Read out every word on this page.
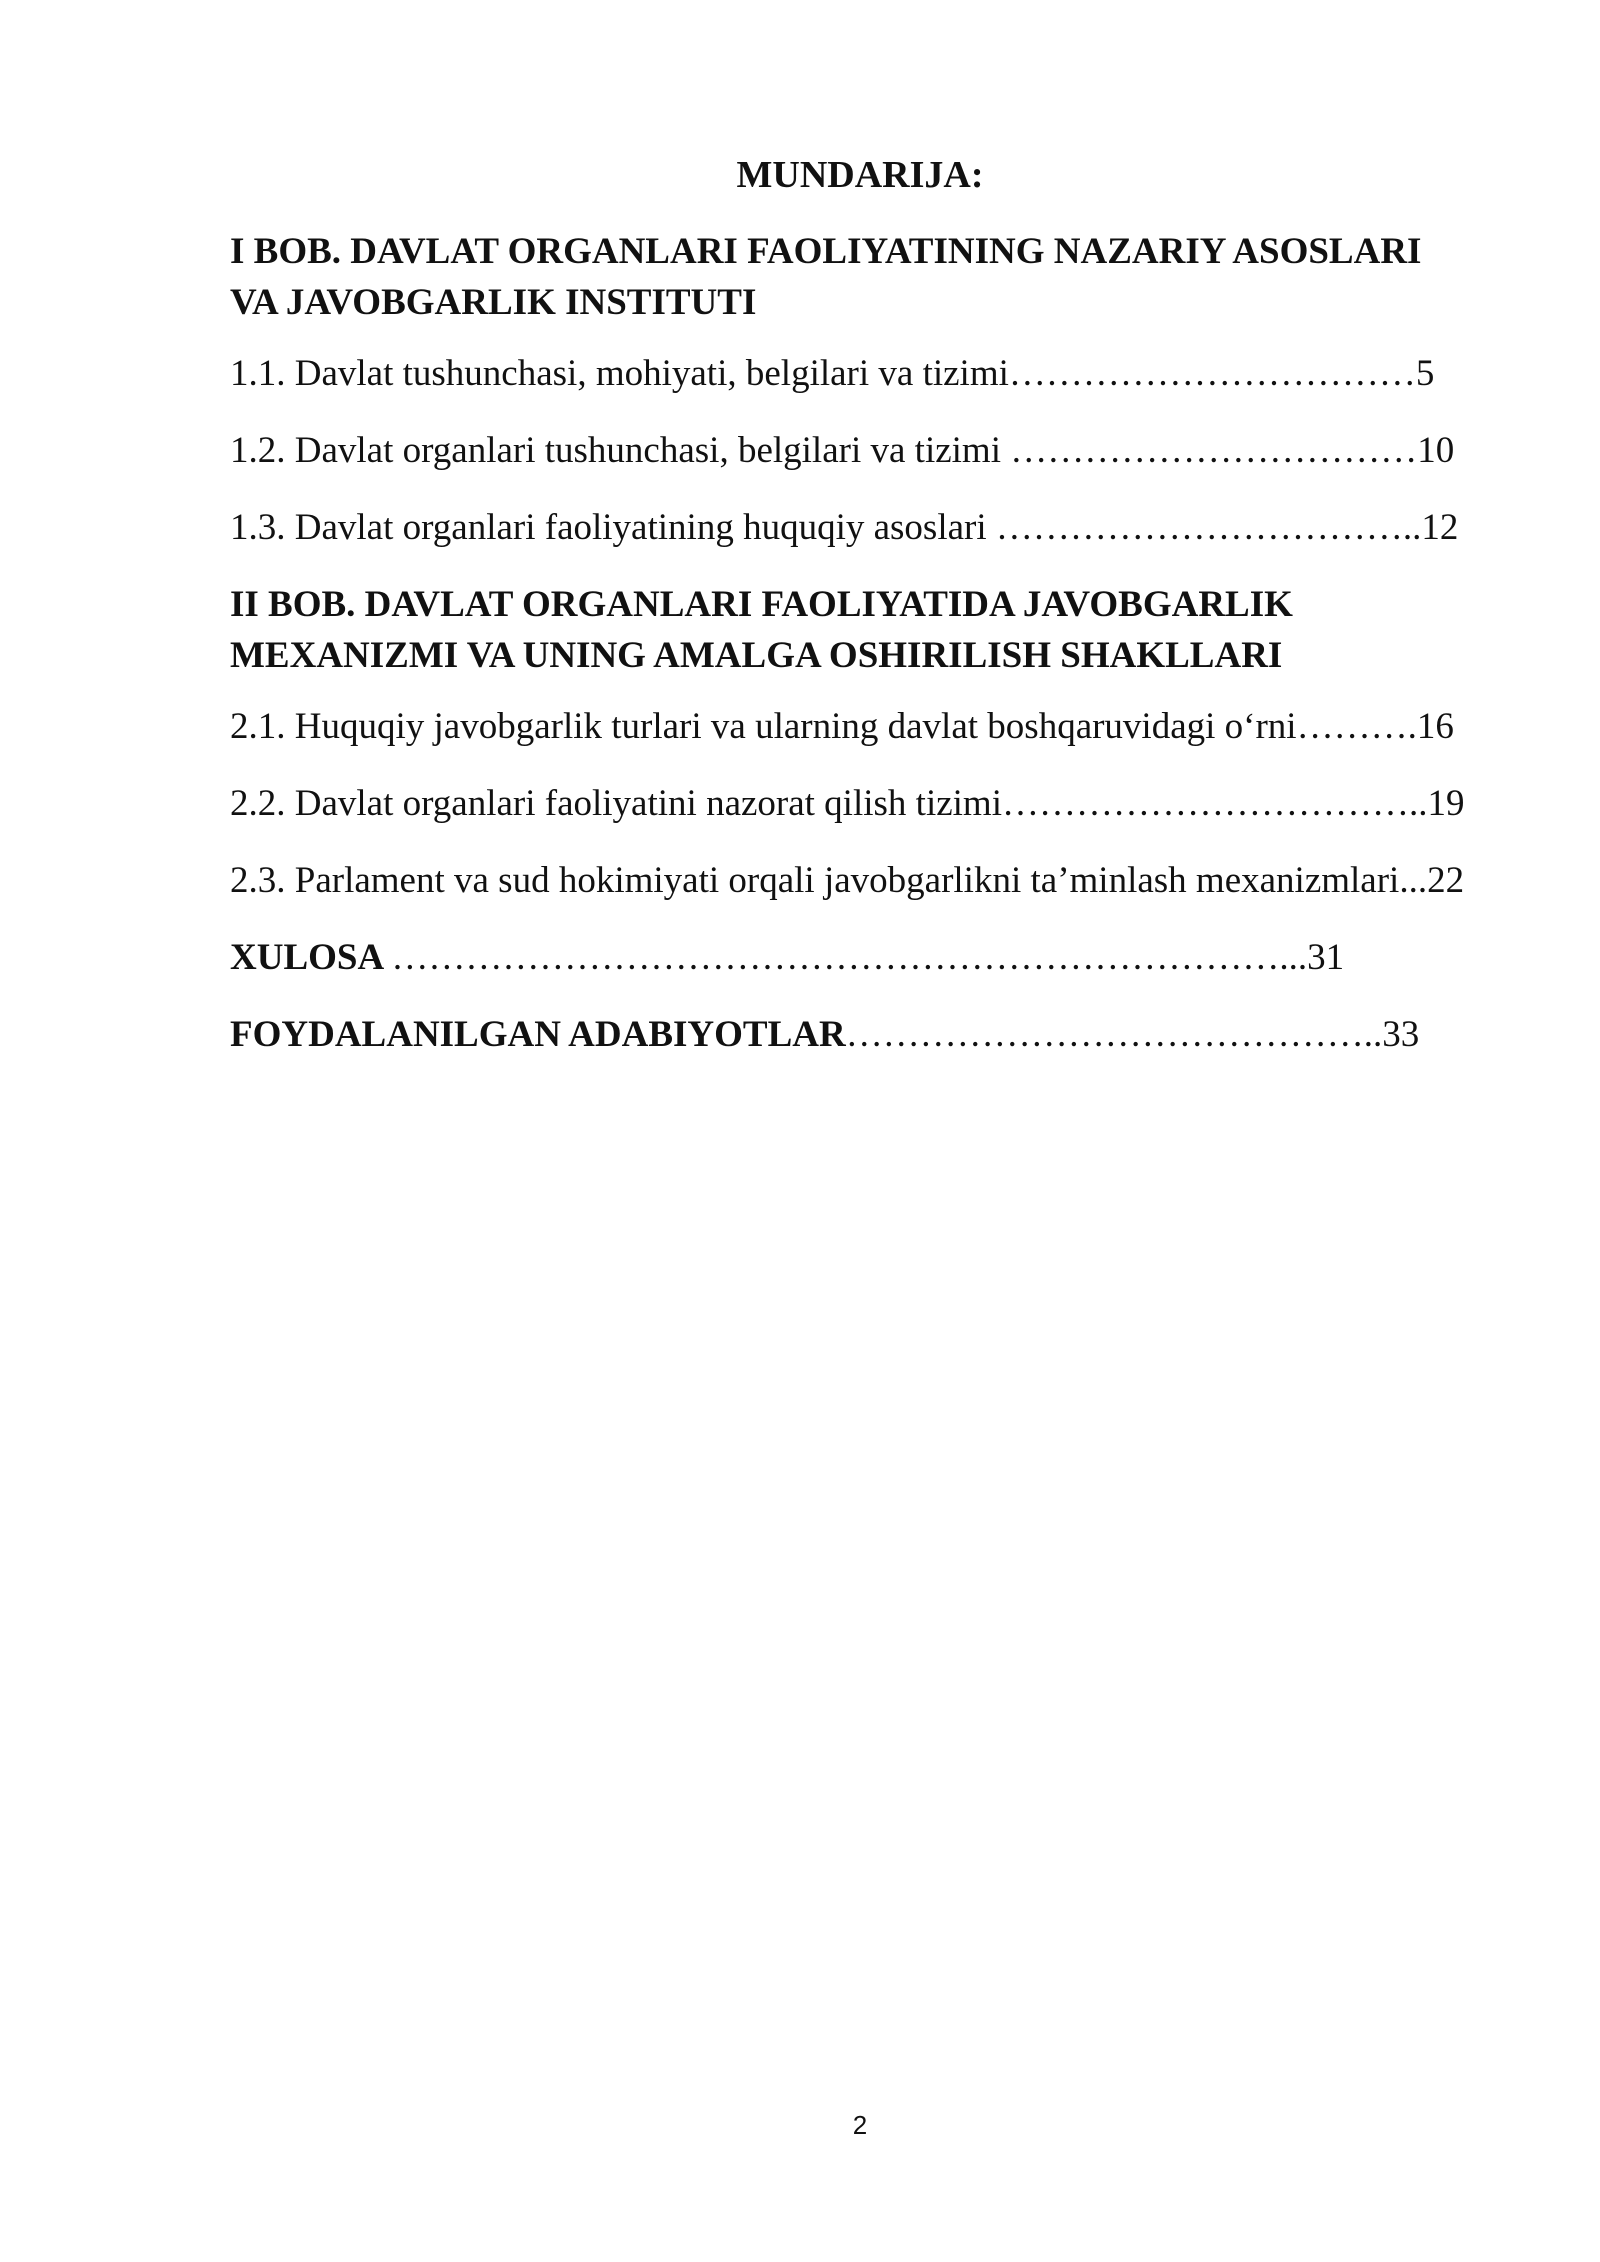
MUNDARIJA:
I BOB. DAVLAT ORGANLARI FAOLIYATINING NAZARIY ASOSLARI
VA JAVOBGARLIK INSTITUTI
1.1. Davlat tushunchasi, mohiyati, belgilari va tizimi……………………………5
1.2. Davlat organlari tushunchasi, belgilari va tizimi ……………………………10
1.3. Davlat organlari faoliyatining huquqiy asoslari ……………………………..12
II BOB. DAVLAT ORGANLARI FAOLIYATIDA JAVOBGARLIK
MEXANIZMI VA UNING AMALGA OSHIRILISH SHAKLLARI
2.1. Huquqiy javobgarlik turlari va ularning davlat boshqaruvidagi o‘rni……….16
2.2. Davlat organlari faoliyatini nazorat qilish tizimi……………………………..19
2.3. Parlament va sud hokimiyati orqali javobgarlikni ta’minlash mexanizmlari...22
XULOSA ………………………………………………………………...31
FOYDALANILGAN ADABIYOTLAR……………………………………..33
2
